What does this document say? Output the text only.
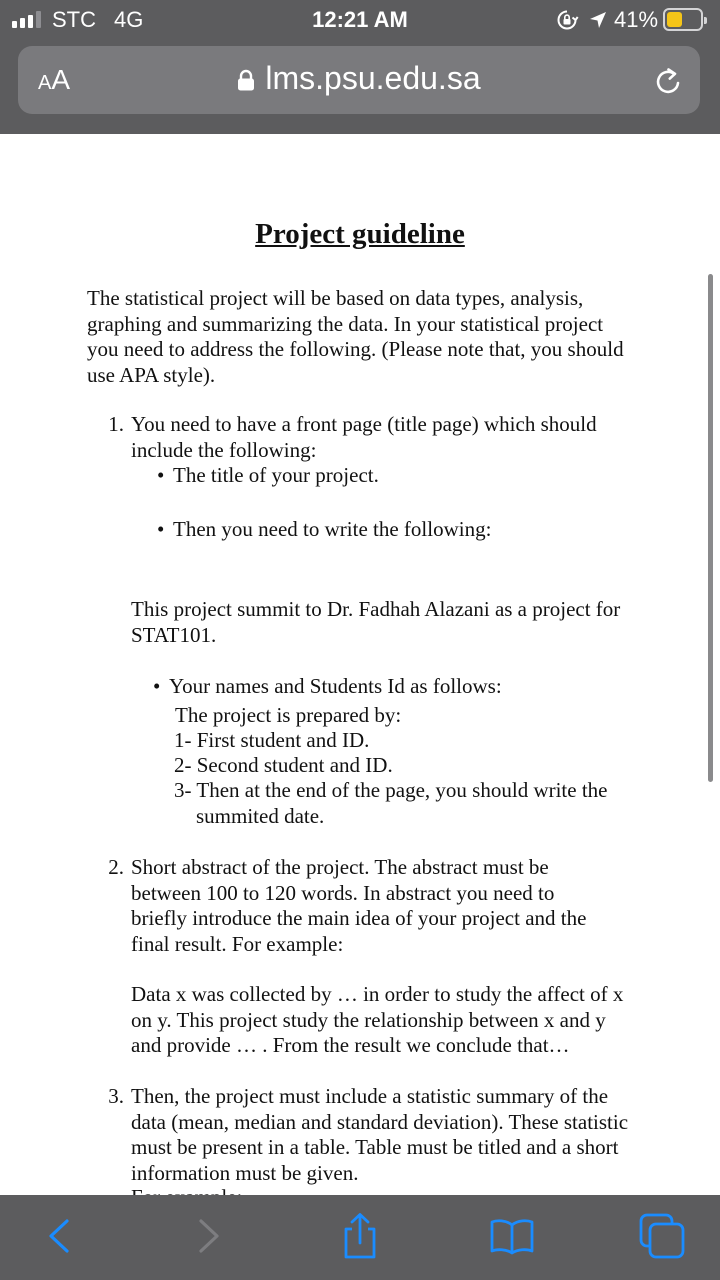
STC 4G	12:21 AM	41%
AA	lms.psu.edu.sa
Project guideline
The statistical project will be based on data types, analysis, graphing and summarizing the data. In your statistical project you need to address the following. (Please note that, you should use APA style).
1. You need to have a front page (title page) which should include the following:
• The title of your project.
• Then you need to write the following:
This project summit to Dr. Fadhah Alazani as a project for STAT101.
• Your names and Students Id as follows:
The project is prepared by:
1- First student and ID.
2- Second student and ID.
3- Then at the end of the page, you should write the
summited date.
2. Short abstract of the project. The abstract must be between 100 to 120 words. In abstract you need to briefly introduce the main idea of your project and the final result. For example:
Data x was collected by … in order to study the affect of x on y. This project study the relationship between x and y and provide … . From the result we conclude that…
3. Then, the project must include a statistic summary of the data (mean, median and standard deviation). These statistic must be present in a table. Table must be titled and a short information must be given.
